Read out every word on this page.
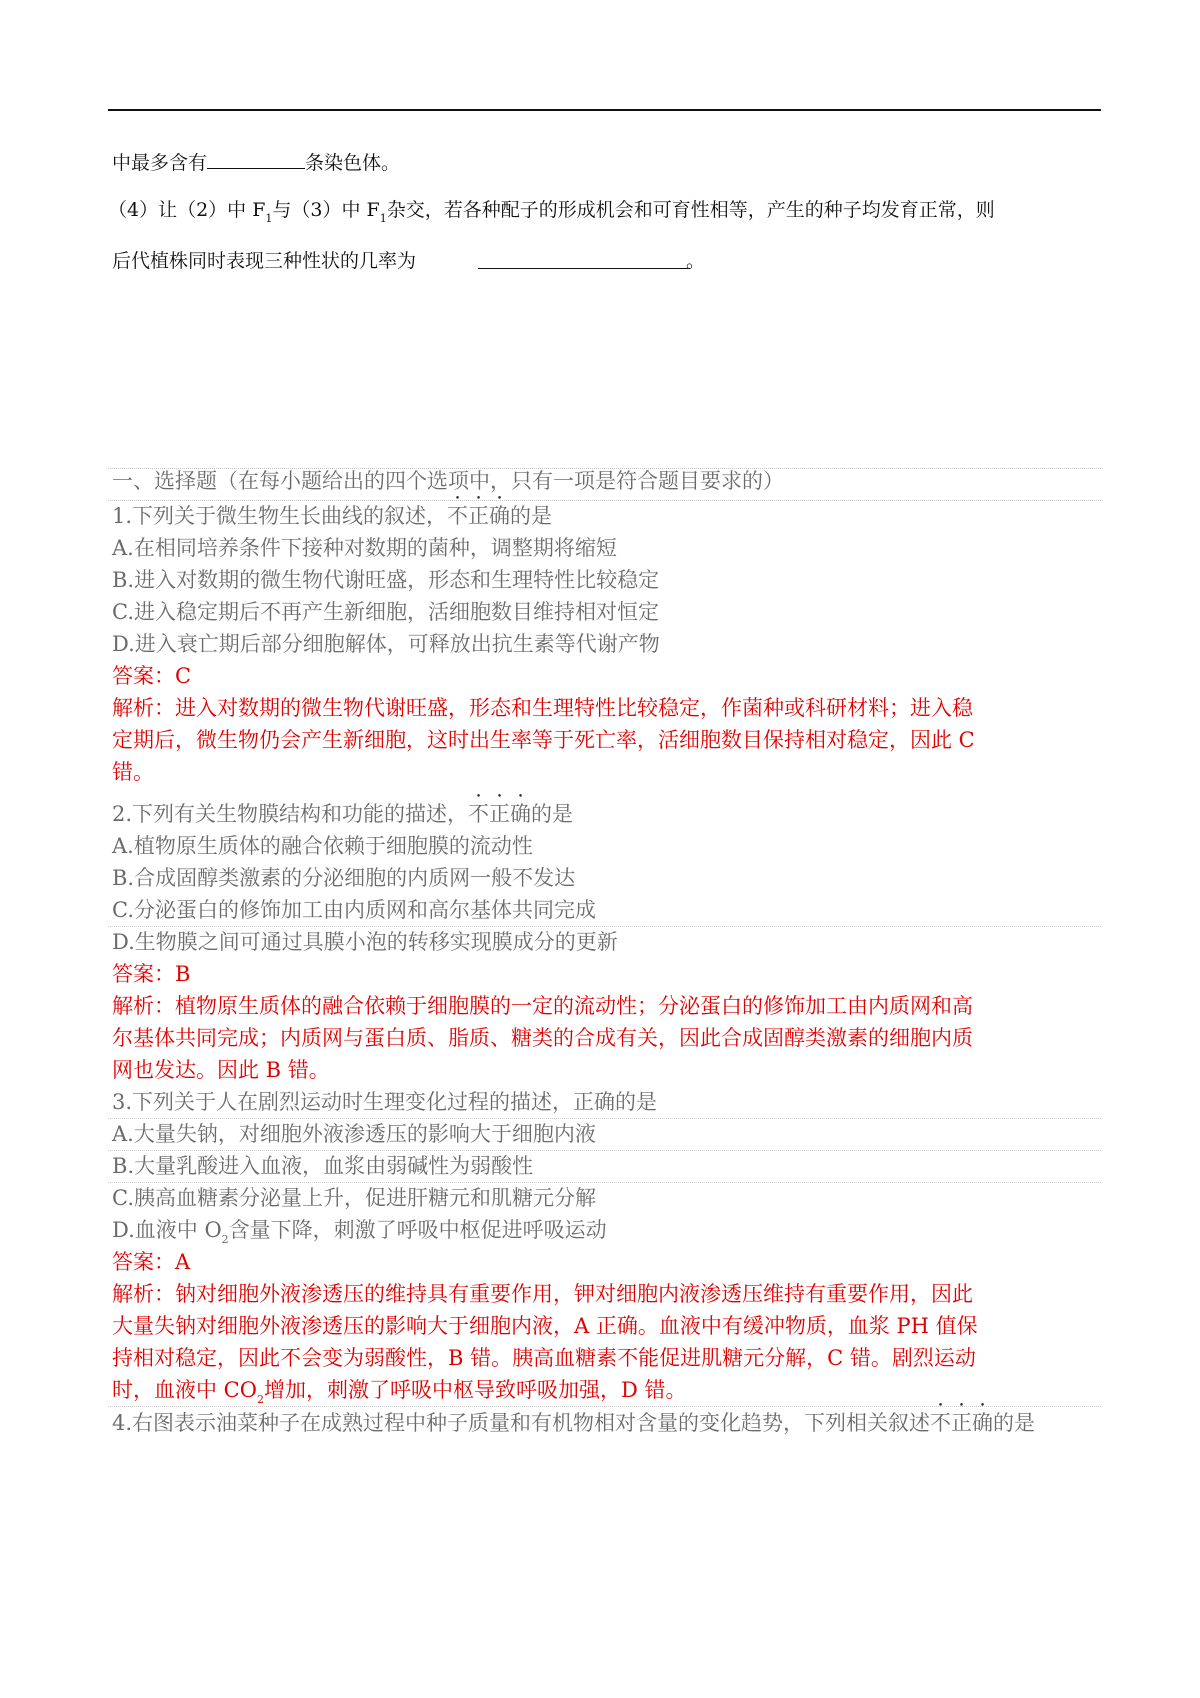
中最多含有	条染色体。
（4）让（2）中 $F_1$与（3）中 $F_1$杂交，若各种配子的形成机会和可育性相等，产生的种子均发育正常，则
后代植株同时表现三种性状的几率为	。
一、选择题（在每小题给出的四个选项中，只有一项是符合题目要求的）
1.下列关于微生物生长曲线的叙述，不正确的是
A.在相同培养条件下接种对数期的菌种，调整期将缩短
B.进入对数期的微生物代谢旺盛，形态和生理特性比较稳定
C.进入稳定期后不再产生新细胞，活细胞数目维持相对恒定
D.进入衰亡期后部分细胞解体，可释放出抗生素等代谢产物
答案：C
解析：进入对数期的微生物代谢旺盛，形态和生理特性比较稳定，作菌种或科研材料；进入稳
定期后，微生物仍会产生新细胞，这时出生率等于死亡率，活细胞数目保持相对稳定，因此 C
错。
2.下列有关生物膜结构和功能的描述，不正确的是
A.植物原生质体的融合依赖于细胞膜的流动性
B.合成固醇类激素的分泌细胞的内质网一般不发达
C.分泌蛋白的修饰加工由内质网和高尔基体共同完成
D.生物膜之间可通过具膜小泡的转移实现膜成分的更新
答案：B
解析：植物原生质体的融合依赖于细胞膜的一定的流动性；分泌蛋白的修饰加工由内质网和高
尔基体共同完成；内质网与蛋白质、脂质、糖类的合成有关，因此合成固醇类激素的细胞内质
网也发达。因此 B 错。
3.下列关于人在剧烈运动时生理变化过程的描述，正确的是
A.大量失钠，对细胞外液渗透压的影响大于细胞内液
B.大量乳酸进入血液，血浆由弱碱性为弱酸性
C.胰高血糖素分泌量上升，促进肝糖元和肌糖元分解
D.血液中 $O_2$含量下降，刺激了呼吸中枢促进呼吸运动
答案：A
解析：钠对细胞外液渗透压的维持具有重要作用，钾对细胞内液渗透压维持有重要作用，因此
大量失钠对细胞外液渗透压的影响大于细胞内液，A 正确。血液中有缓冲物质，血浆 PH 值保
持相对稳定，因此不会变为弱酸性，B 错。胰高血糖素不能促进肌糖元分解，C 错。剧烈运动
时，血液中 $CO_2$增加，刺激了呼吸中枢导致呼吸加强，D 错。
4.右图表示油菜种子在成熟过程中种子质量和有机物相对含量的变化趋势，下列相关叙述不正确的是
